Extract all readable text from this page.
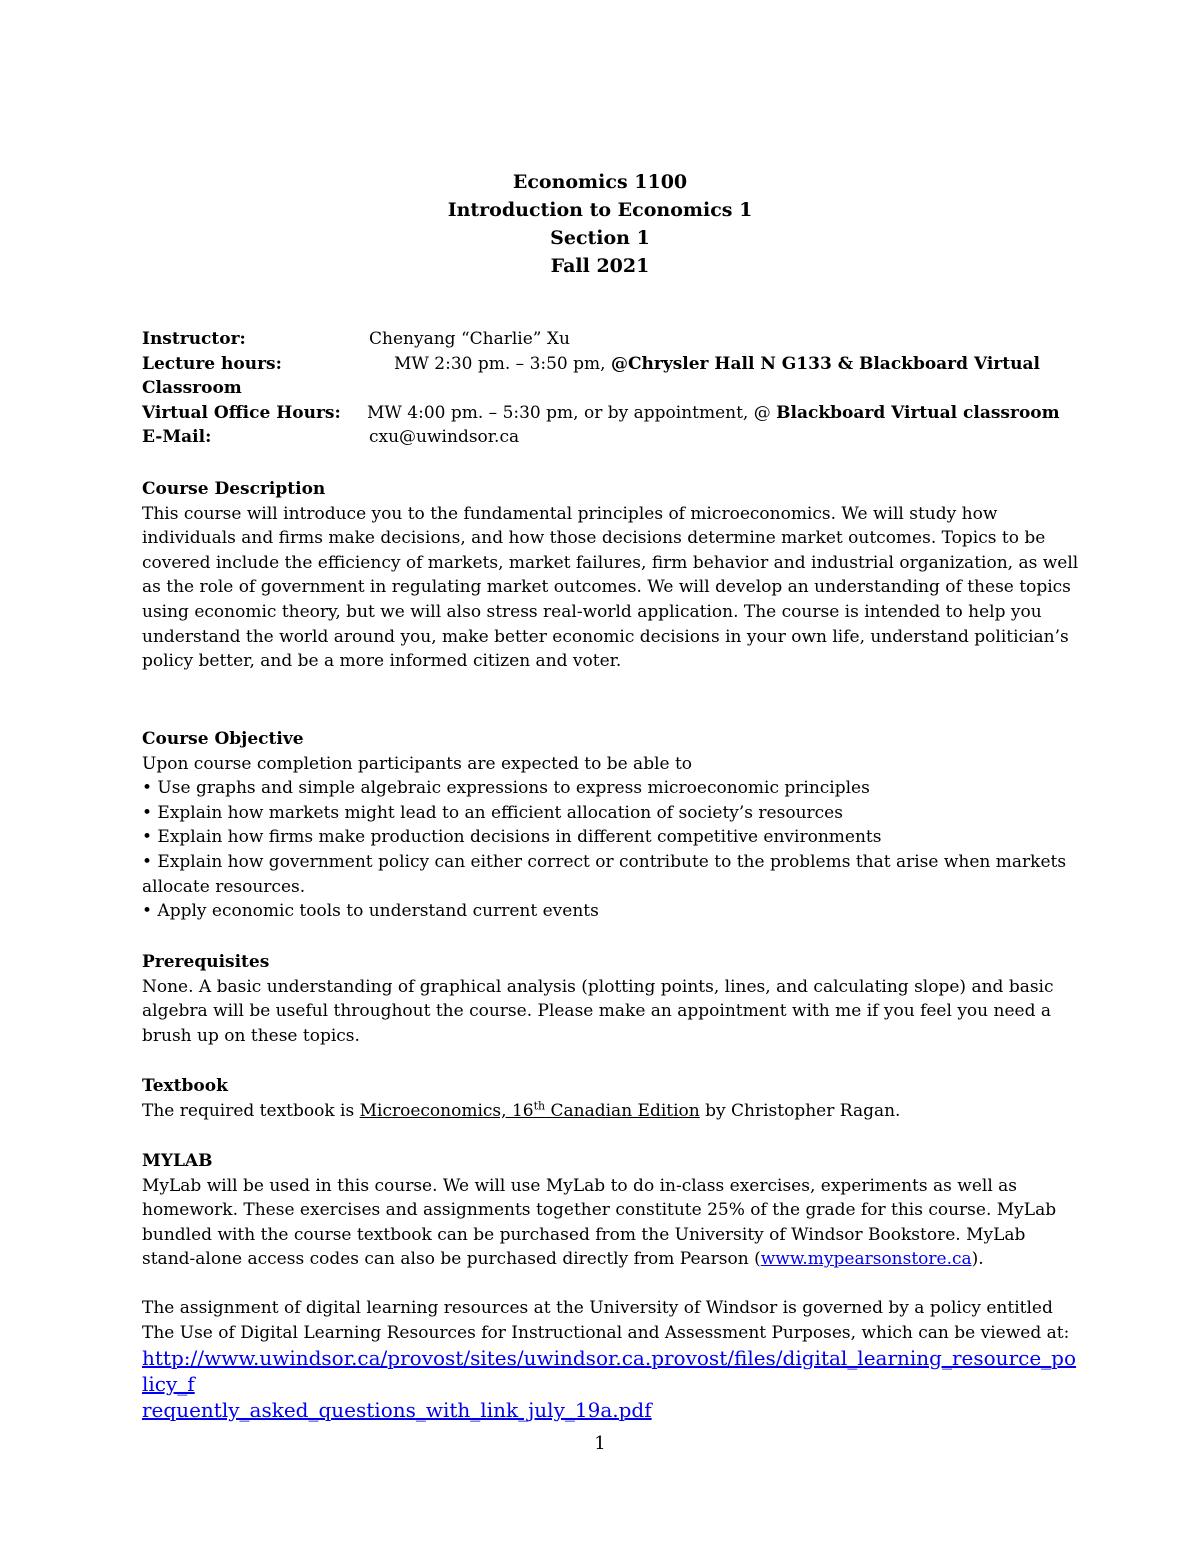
Economics 1100
Introduction to Economics 1
Section 1
Fall 2021
Instructor:	Chenyang “Charlie” Xu
Lecture hours:	MW 2:30 pm. – 3:50 pm, @Chrysler Hall N G133 & Blackboard Virtual
Classroom
Virtual Office Hours: MW 4:00 pm. – 5:30 pm, or by appointment, @ Blackboard Virtual classroom
E-Mail:	cxu@uwindsor.ca

Course Description

This course will introduce you to the fundamental principles of microeconomics. We will study how

individuals and firms make decisions, and how those decisions determine market outcomes. Topics to be

covered include the efficiency of markets, market failures, firm behavior and industrial organization, as well

as the role of government in regulating market outcomes. We will develop an understanding of these topics

using economic theory, but we will also stress real-world application. The course is intended to help you

understand the world around you, make better economic decisions in your own life, understand politician’s

policy better, and be a more informed citizen and voter.

Course Objective

Upon course completion participants are expected to be able to

• Use graphs and simple algebraic expressions to express microeconomic principles

• Explain how markets might lead to an efficient allocation of society’s resources

• Explain how firms make production decisions in different competitive environments

• Explain how government policy can either correct or contribute to the problems that arise when markets

allocate resources.

• Apply economic tools to understand current events

Prerequisites

None. A basic understanding of graphical analysis (plotting points, lines, and calculating slope) and basic

algebra will be useful throughout the course. Please make an appointment with me if you feel you need a

brush up on these topics.

Textbook

The required textbook is Microeconomics, 16th Canadian Edition by Christopher Ragan.

MYLAB

MyLab will be used in this course. We will use MyLab to do in-class exercises, experiments as well as

homework. These exercises and assignments together constitute 25% of the grade for this course. MyLab

bundled with the course textbook can be purchased from the University of Windsor Bookstore. MyLab

stand-alone access codes can also be purchased directly from Pearson (www.mypearsonstore.ca).

The assignment of digital learning resources at the University of Windsor is governed by a policy entitled

The Use of Digital Learning Resources for Instructional and Assessment Purposes, which can be viewed at:

http://www.uwindsor.ca/provost/sites/uwindsor.ca.provost/files/digital_learning_resource_policy_f
requently_asked_questions_with_link_july_19a.pdf
1
